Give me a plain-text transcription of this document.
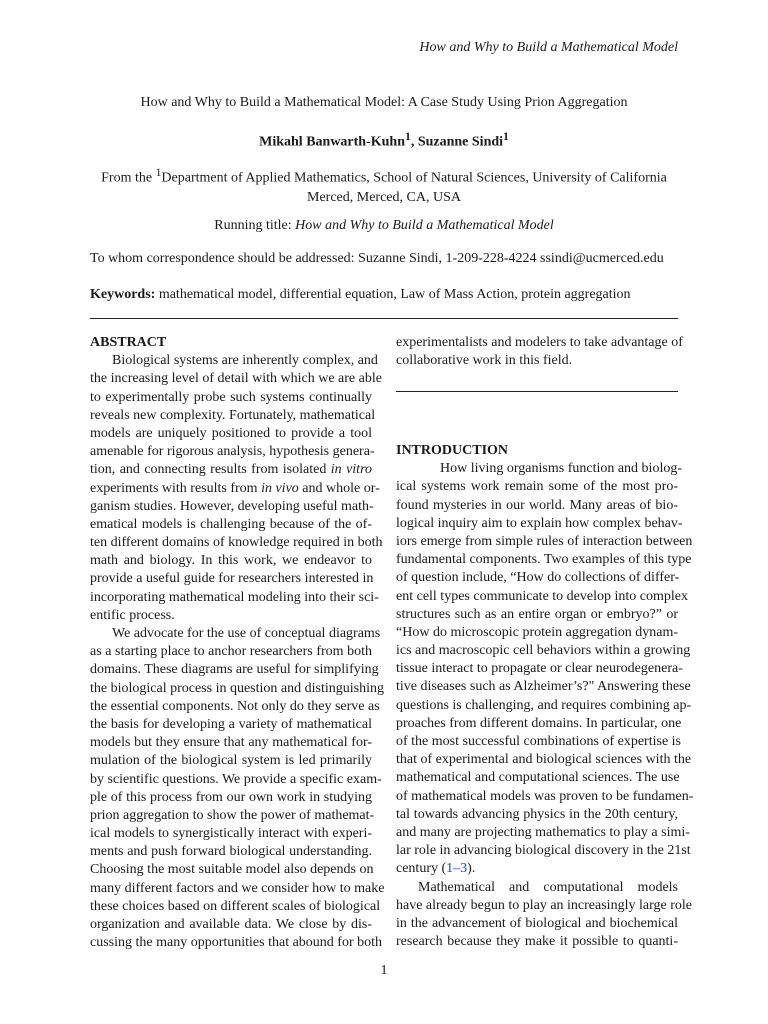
How and Why to Build a Mathematical Model
How and Why to Build a Mathematical Model: A Case Study Using Prion Aggregation
Mikahl Banwarth-Kuhn$^1$, Suzanne Sindi$^1$
From the $^1$Department of Applied Mathematics, School of Natural Sciences, University of California
Merced, Merced, CA, USA
Running title: How and Why to Build a Mathematical Model
To whom correspondence should be addressed: Suzanne Sindi, 1-209-228-4224 ssindi@ucmerced.edu
Keywords: mathematical model, differential equation, Law of Mass Action, protein aggregation
ABSTRACT
Biological systems are inherently complex, and
the increasing level of detail with which we are able
to experimentally probe such systems continually
reveals new complexity. Fortunately, mathematical
models are uniquely positioned to provide a tool
amenable for rigorous analysis, hypothesis genera-
tion, and connecting results from isolated in vitro
experiments with results from in vivo and whole or-
ganism studies. However, developing useful math-
ematical models is challenging because of the of-
ten different domains of knowledge required in both
math and biology. In this work, we endeavor to
provide a useful guide for researchers interested in
incorporating mathematical modeling into their sci-
entific process.
We advocate for the use of conceptual diagrams
as a starting place to anchor researchers from both
domains. These diagrams are useful for simplifying
the biological process in question and distinguishing
the essential components. Not only do they serve as
the basis for developing a variety of mathematical
models but they ensure that any mathematical for-
mulation of the biological system is led primarily
by scientific questions. We provide a specific exam-
ple of this process from our own work in studying
prion aggregation to show the power of mathemat-
ical models to synergistically interact with experi-
ments and push forward biological understanding.
Choosing the most suitable model also depends on
many different factors and we consider how to make
these choices based on different scales of biological
organization and available data. We close by dis-
cussing the many opportunities that abound for both
experimentalists and modelers to take advantage of
collaborative work in this field.
INTRODUCTION
How living organisms function and biolog-
ical systems work remain some of the most pro-
found mysteries in our world. Many areas of bio-
logical inquiry aim to explain how complex behav-
iors emerge from simple rules of interaction between
fundamental components. Two examples of this type
of question include, “How do collections of differ-
ent cell types communicate to develop into complex
structures such as an entire organ or embryo?” or
“How do microscopic protein aggregation dynam-
ics and macroscopic cell behaviors within a growing
tissue interact to propagate or clear neurodegenera-
tive diseases such as Alzheimer’s?" Answering these
questions is challenging, and requires combining ap-
proaches from different domains. In particular, one
of the most successful combinations of expertise is
that of experimental and biological sciences with the
mathematical and computational sciences. The use
of mathematical models was proven to be fundamen-
tal towards advancing physics in the 20th century,
and many are projecting mathematics to play a simi-
lar role in advancing biological discovery in the 21st
century (1–3).
Mathematical and computational models
have already begun to play an increasingly large role
in the advancement of biological and biochemical
research because they make it possible to quanti-
1
